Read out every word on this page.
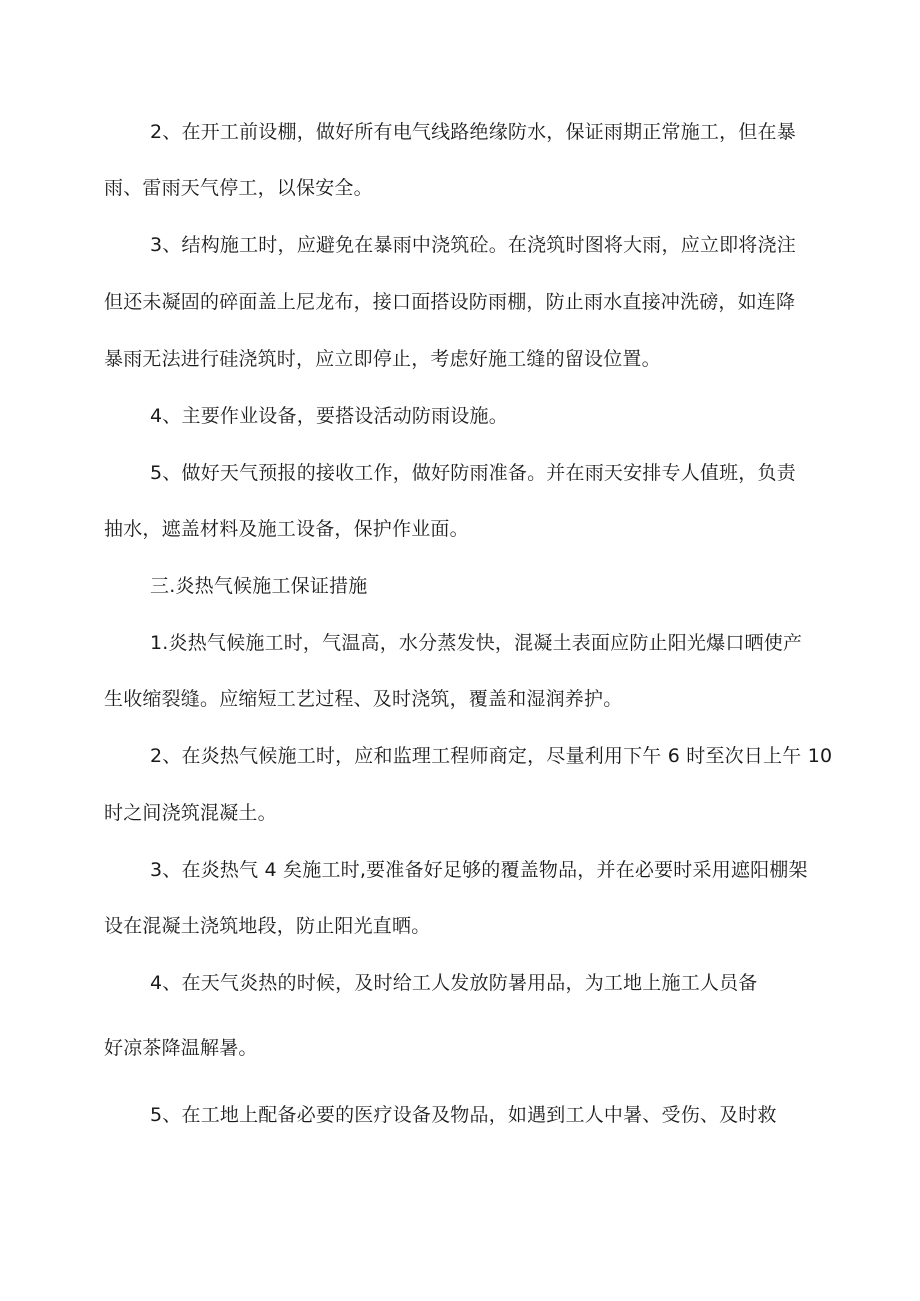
2、在开工前设棚，做好所有电气线路绝缘防水，保证雨期正常施工，但在暴
雨、雷雨天气停工，以保安全。
3、结构施工时，应避免在暴雨中浇筑砼。在浇筑时图将大雨，应立即将浇注
但还未凝固的碎面盖上尼龙布，接口面搭设防雨棚，防止雨水直接冲洗磅，如连降
暴雨无法进行硅浇筑时，应立即停止，考虑好施工缝的留设位置。
4、主要作业设备，要搭设活动防雨设施。
5、做好天气预报的接收工作，做好防雨准备。并在雨天安排专人值班，负责
抽水，遮盖材料及施工设备，保护作业面。
三.炎热气候施工保证措施
1.炎热气候施工时，气温高，水分蒸发快，混凝土表面应防止阳光爆口晒使产
生收缩裂缝。应缩短工艺过程、及时浇筑，覆盖和湿润养护。
2、在炎热气候施工时，应和监理工程师商定，尽量利用下午 6 时至次日上午 10
时之间浇筑混凝土。
3、在炎热气 4 矣施工时,要准备好足够的覆盖物品，并在必要时采用遮阳棚架
设在混凝土浇筑地段，防止阳光直晒。
4、在天气炎热的时候，及时给工人发放防暑用品，为工地上施工人员备
好凉茶降温解暑。
5、在工地上配备必要的医疗设备及物品，如遇到工人中暑、受伤、及时救
